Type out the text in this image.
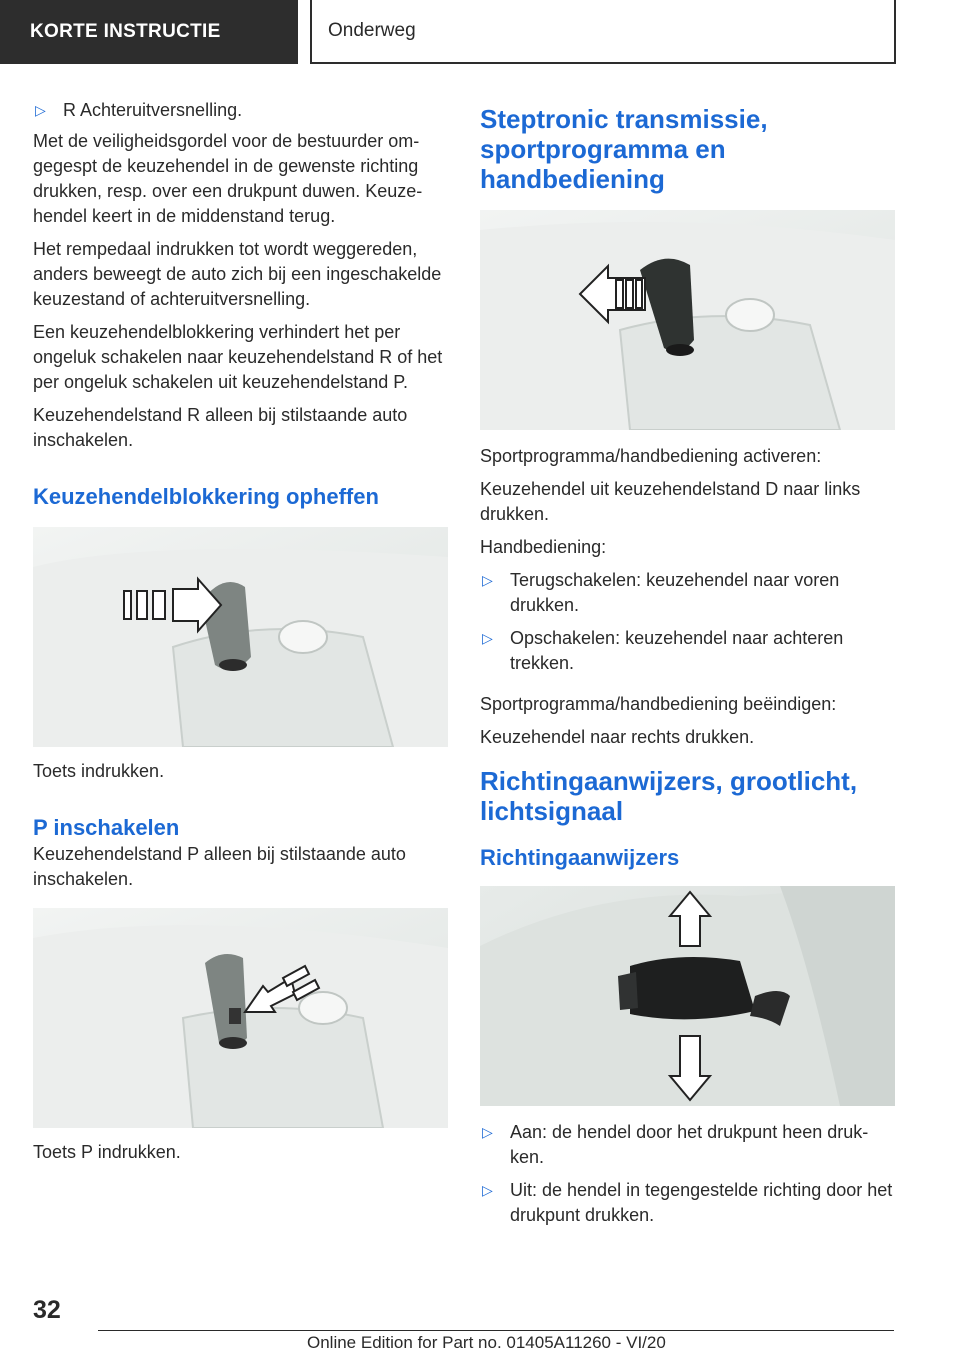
KORTE INSTRUCTIE	Onderweg
▷ R Achteruitversnelling.

Met de veiligheidsgordel voor de bestuurder omgegespt de keuzehendel in de gewenste richting drukken, resp. over een drukpunt duwen. Keuzehendel keert in de middenstand terug.

Het rempedaal indrukken tot wordt weggereden, anders beweegt de auto zich bij een ingeschakelde keuzestand of achteruitversnelling.

Een keuzehendelblokkering verhindert het per ongeluk schakelen naar keuzehendelstand R of het per ongeluk schakelen uit keuzehendelstand P.

Keuzehendelstand R alleen bij stilstaande auto inschakelen.

Keuzehendelblokkering opheffen

Toets indrukken.

P inschakelen

Keuzehendelstand P alleen bij stilstaande auto inschakelen.

Toets P indrukken.

Steptronic transmissie, sportprogramma en handbediening

Sportprogramma/handbediening activeren:

Keuzehendel uit keuzehendelstand D naar links drukken.

Handbediening:

▷ Terugschakelen: keuzehendel naar voren drukken.
▷ Opschakelen: keuzehendel naar achteren trekken.

Sportprogramma/handbediening beëindigen:

Keuzehendel naar rechts drukken.

Richtingaanwijzers, grootlicht, lichtsignaal
Richtingaanwijzers
▷ Aan: de hendel door het drukpunt heen drukken.
▷ Uit: de hendel in tegengestelde richting door het drukpunt drukken.
32
Online Edition for Part no. 01405A11260 - VI/20
